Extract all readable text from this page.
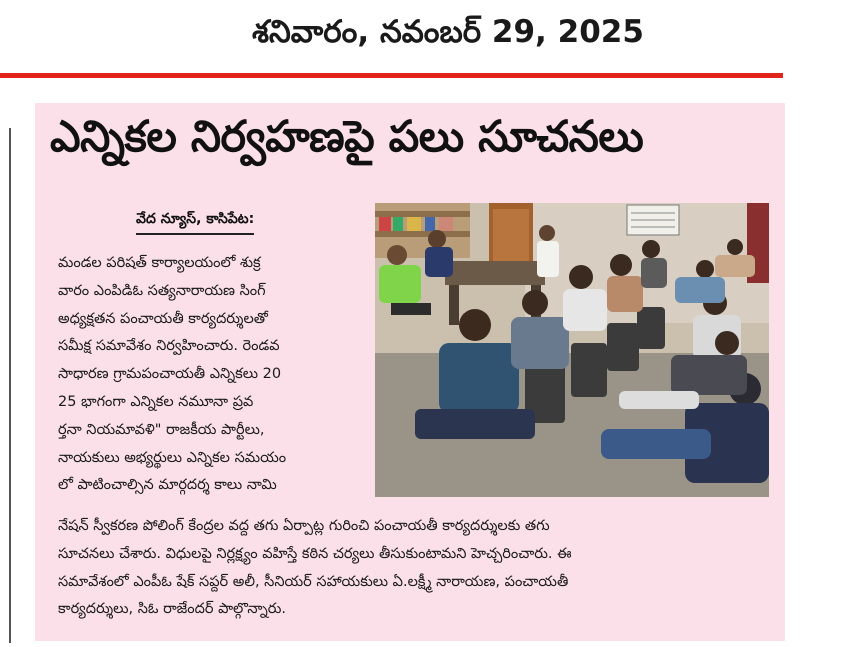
శనివారం, నవంబర్ 29, 2025
ఎన్నికల నిర్వహణపై పలు సూచనలు
వేద న్యూస్, కాసిపేట:
మండల పరిషత్ కార్యాలయంలో శుక్ర
వారం ఎంపిడిఓ సత్యనారాయణ సింగ్
అధ్యక్షతన పంచాయతీ కార్యదర్శులతో
సమీక్ష సమావేశం నిర్వహించారు. రెండవ
సాధారణ గ్రామపంచాయతీ ఎన్నికలు 20
25 భాగంగా ఎన్నికల నమూనా ప్రవ
ర్తనా నియమావళి" రాజకీయ పార్టీలు,
నాయకులు అభ్యర్థులు ఎన్నికల సమయం
లో పాటించాల్సిన మార్గదర్శ కాలు నామి
నేషన్ స్వీకరణ పోలింగ్ కేంద్రల వద్ద తగు ఏర్పాట్ల గురించి పంచాయతీ కార్యదర్శులకు తగు
సూచనలు చేశారు. విధులపై నిర్లక్ష్యం వహిస్తే కఠిన చర్యలు తీసుకుంటామని హెచ్చరించారు. ఈ
సమావేశంలో ఎంపీఓ షేక్ సప్దర్ అలీ, సీనియర్ సహాయకులు ఏ.లక్ష్మీ నారాయణ, పంచాయతీ
కార్యదర్శులు, సిఓ రాజేందర్ పాల్గొన్నారు.
